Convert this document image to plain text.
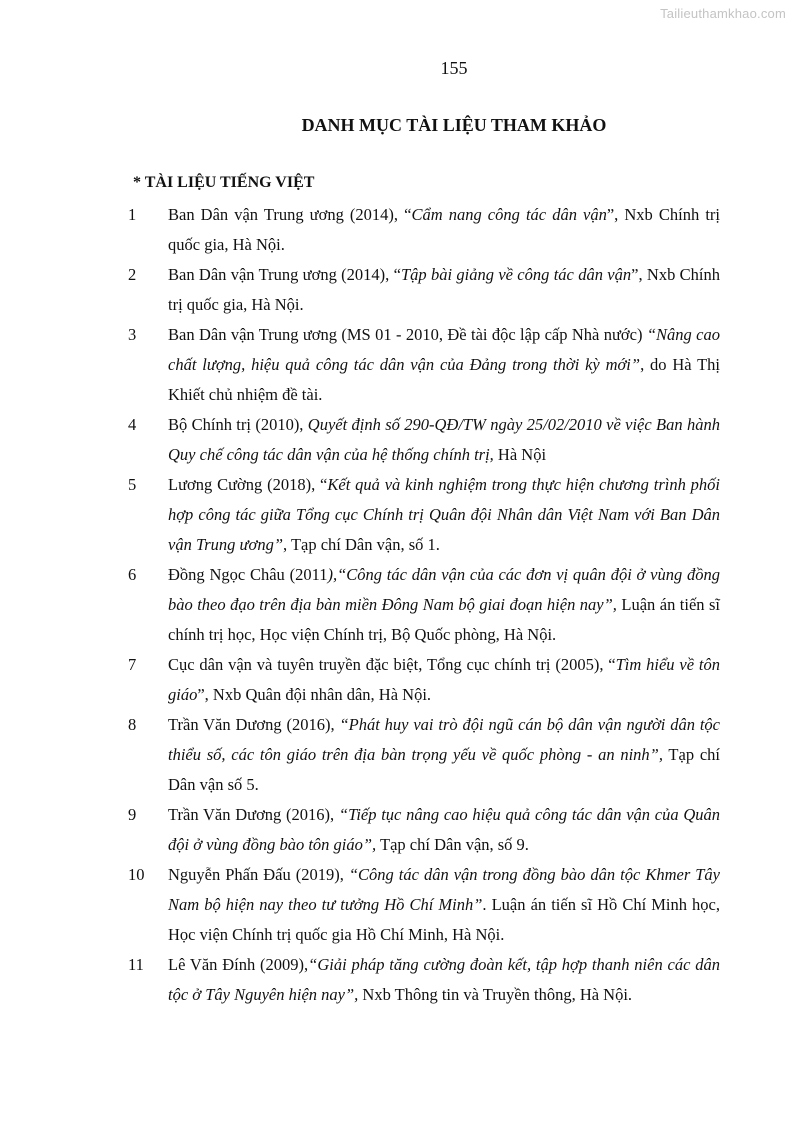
Tailieuthamkhao.com
155
DANH MỤC TÀI LIỆU THAM KHẢO
* TÀI LIỆU TIẾNG VIỆT
1	Ban Dân vận Trung ương (2014), “Cẩm nang công tác dân vận”, Nxb Chính trị quốc gia, Hà Nội.
2	Ban Dân vận Trung ương (2014), “Tập bài giảng về công tác dân vận”, Nxb Chính trị quốc gia, Hà Nội.
3	Ban Dân vận Trung ương (MS 01 - 2010, Đề tài độc lập cấp Nhà nước) “Nâng cao chất lượng, hiệu quả công tác dân vận của Đảng trong thời kỳ mới”, do Hà Thị Khiết chủ nhiệm đề tài.
4	Bộ Chính trị (2010), Quyết định số 290-QĐ/TW ngày 25/02/2010 về việc Ban hành Quy chế công tác dân vận của hệ thống chính trị, Hà Nội
5	Lương Cường (2018), “Kết quả và kinh nghiệm trong thực hiện chương trình phối hợp công tác giữa Tổng cục Chính trị Quân đội Nhân dân Việt Nam với Ban Dân vận Trung ương”, Tạp chí Dân vận, số 1.
6	Đồng Ngọc Châu (2011),“Công tác dân vận của các đơn vị quân đội ở vùng đồng bào theo đạo trên địa bàn miền Đông Nam bộ giai đoạn hiện nay”, Luận án tiến sĩ chính trị học, Học viện Chính trị, Bộ Quốc phòng, Hà Nội.
7	Cục dân vận và tuyên truyền đặc biệt, Tổng cục chính trị (2005), “Tìm hiểu về tôn giáo”, Nxb Quân đội nhân dân, Hà Nội.
8	Trần Văn Dương (2016), “Phát huy vai trò đội ngũ cán bộ dân vận người dân tộc thiểu số, các tôn giáo trên địa bàn trọng yếu về quốc phòng - an ninh”, Tạp chí Dân vận số 5.
9	Trần Văn Dương (2016), “Tiếp tục nâng cao hiệu quả công tác dân vận của Quân đội ở vùng đồng bào tôn giáo”, Tạp chí Dân vận, số 9.
10	Nguyễn Phấn Đấu (2019), “Công tác dân vận trong đồng bào dân tộc Khmer Tây Nam bộ hiện nay theo tư tưởng Hồ Chí Minh”. Luận án tiến sĩ Hồ Chí Minh học, Học viện Chính trị quốc gia Hồ Chí Minh, Hà Nội.
11	Lê Văn Đính (2009),“Giải pháp tăng cường đoàn kết, tập hợp thanh niên các dân tộc ở Tây Nguyên hiện nay”, Nxb Thông tin và Truyền thông, Hà Nội.
